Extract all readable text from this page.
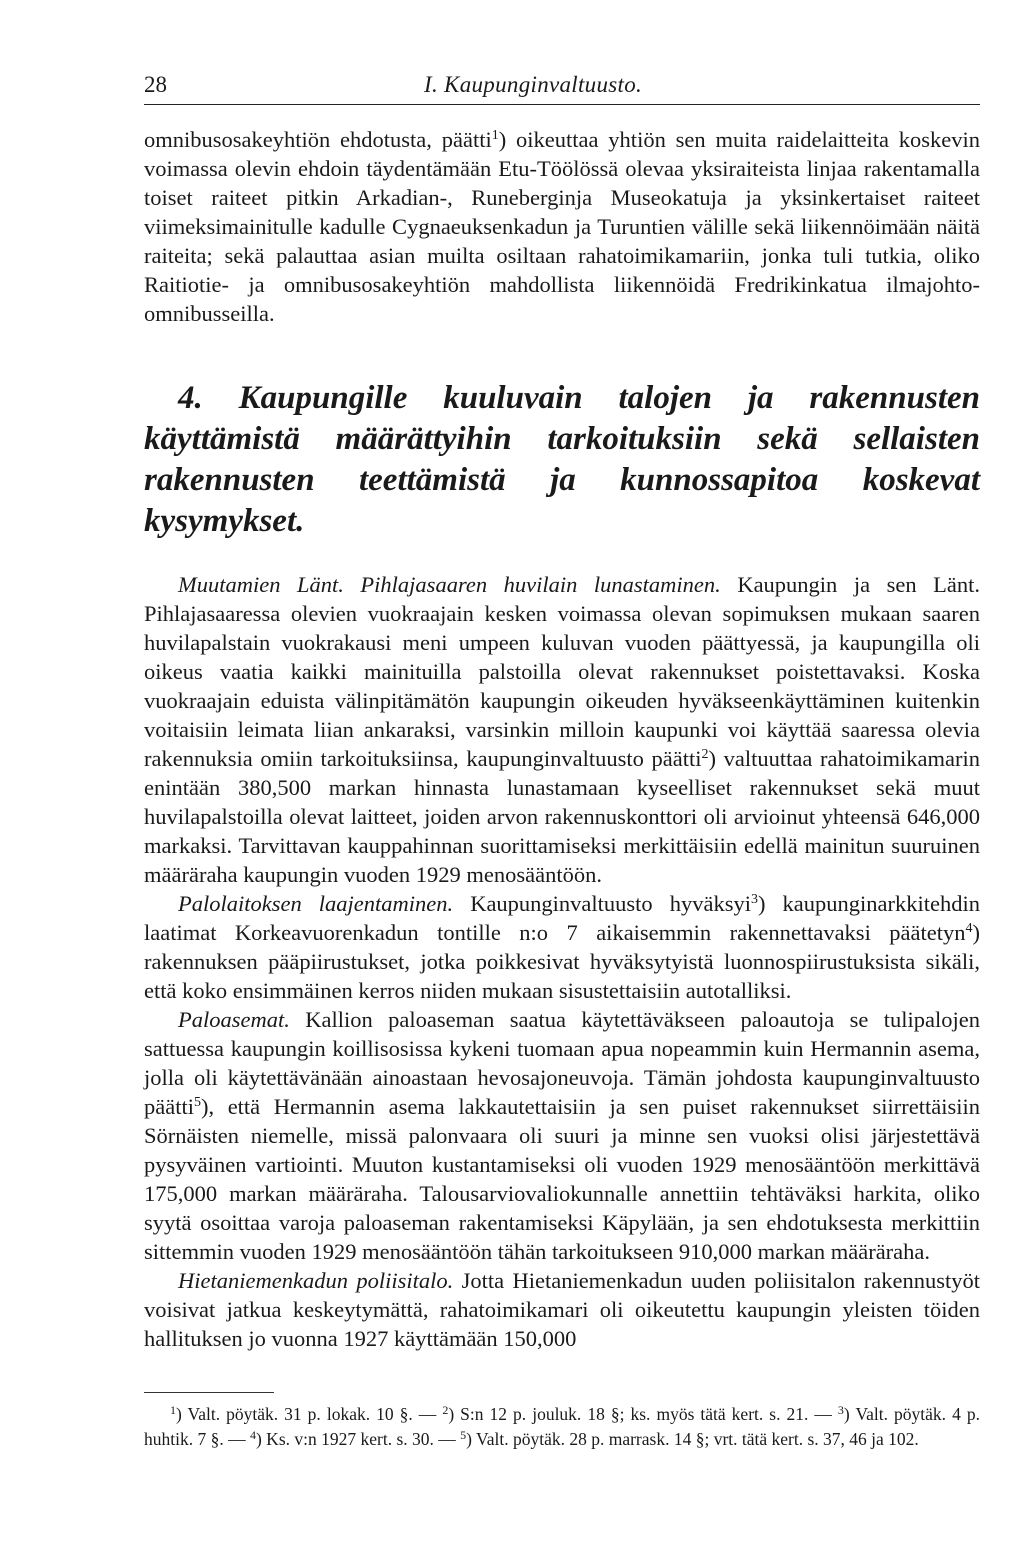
28	I. Kaupunginvaltuusto.

omnibusosakeyhtiön ehdotusta, päätti$^1$) oikeuttaa yhtiön sen muita raidelaitteita koskevin voimassa olevin ehdoin täydentämään Etu-Töölössä olevaa yksiraiteista linjaa rakentamalla toiset raiteet pitkin Arkadian-, Runeberginja Museokatuja ja yksinkertaiset raiteet viimeksimainitulle kadulle Cygnaeuksenkadun ja Turuntien välille sekä liikennöimään näitä raiteita; sekä palauttaa asian muilta osiltaan rahatoimikamariin, jonka tuli tutkia, oliko Raitiotie- ja omnibusosakeyhtiön mahdollista liikennöidä Fredrikinkatua ilmajohto-omnibusseilla.

4. Kaupungille kuuluvain talojen ja rakennusten käyttämistä määrättyihin tarkoituksiin sekä sellaisten rakennusten teettämistä ja kunnossapitoa koskevat kysymykset.

Muutamien Länt. Pihlajasaaren huvilain lunastaminen. Kaupungin ja sen Länt. Pihlajasaaressa olevien vuokraajain kesken voimassa olevan sopimuksen mukaan saaren huvilapalstain vuokrakausi meni umpeen kuluvan vuoden päättyessä, ja kaupungilla oli oikeus vaatia kaikki mainituilla palstoilla olevat rakennukset poistettavaksi. Koska vuokraajain eduista välinpitämätön kaupungin oikeuden hyväkseenkäyttäminen kuitenkin voitaisiin leimata liian ankaraksi, varsinkin milloin kaupunki voi käyttää saaressa olevia rakennuksia omiin tarkoituksiinsa, kaupunginvaltuusto päätti$^2$) valtuuttaa rahatoimikamarin enintään 380,500 markan hinnasta lunastamaan kyseelliset rakennukset sekä muut huvilapalstoilla olevat laitteet, joiden arvon rakennuskonttori oli arvioinut yhteensä 646,000 markaksi. Tarvittavan kauppahinnan suorittamiseksi merkittäisiin edellä mainitun suuruinen määräraha kaupungin vuoden 1929 menosääntöön.

Palolaitoksen laajentaminen. Kaupunginvaltuusto hyväksyi$^3$) kaupunginarkkitehdin laatimat Korkeavuorenkadun tontille n:o 7 aikaisemmin rakennettavaksi päätetyn$^4$) rakennuksen pääpiirustukset, jotka poikkesivat hyväksytyistä luonnospiirustuksista sikäli, että koko ensimmäinen kerros niiden mukaan sisustettaisiin autotalliksi.

Paloasemat. Kallion paloaseman saatua käytettäväkseen paloautoja se tulipalojen sattuessa kaupungin koillisosissa kykeni tuomaan apua nopeammin kuin Hermannin asema, jolla oli käytettävänään ainoastaan hevosajoneuvoja. Tämän johdosta kaupunginvaltuusto päätti$^5$), että Hermannin asema lakkautettaisiin ja sen puiset rakennukset siirrettäisiin Sörnäisten niemelle, missä palonvaara oli suuri ja minne sen vuoksi olisi järjestettävä pysyväinen vartiointi. Muuton kustantamiseksi oli vuoden 1929 menosääntöön merkittävä 175,000 markan määräraha. Talousarviovaliokunnalle annettiin tehtäväksi harkita, oliko syytä osoittaa varoja paloaseman rakentamiseksi Käpylään, ja sen ehdotuksesta merkittiin sittemmin vuoden 1929 menosääntöön tähän tarkoitukseen 910,000 markan määräraha.

Hietaniemenkadun poliisitalo. Jotta Hietaniemenkadun uuden poliisitalon rakennustyöt voisivat jatkua keskeytymättä, rahatoimikamari oli oikeutettu kaupungin yleisten töiden hallituksen jo vuonna 1927 käyttämään 150,000

$^1$) Valt. pöytäk. 31 p. lokak. 10 §. — $^2$) S:n 12 p. jouluk. 18 §; ks. myös tätä kert. s. 21. — $^3$) Valt. pöytäk. 4 p. huhtik. 7 §. — $^4$) Ks. v:n 1927 kert. s. 30. — $^5$) Valt. pöytäk. 28 p. marrask. 14 §; vrt. tätä kert. s. 37, 46 ja 102.
